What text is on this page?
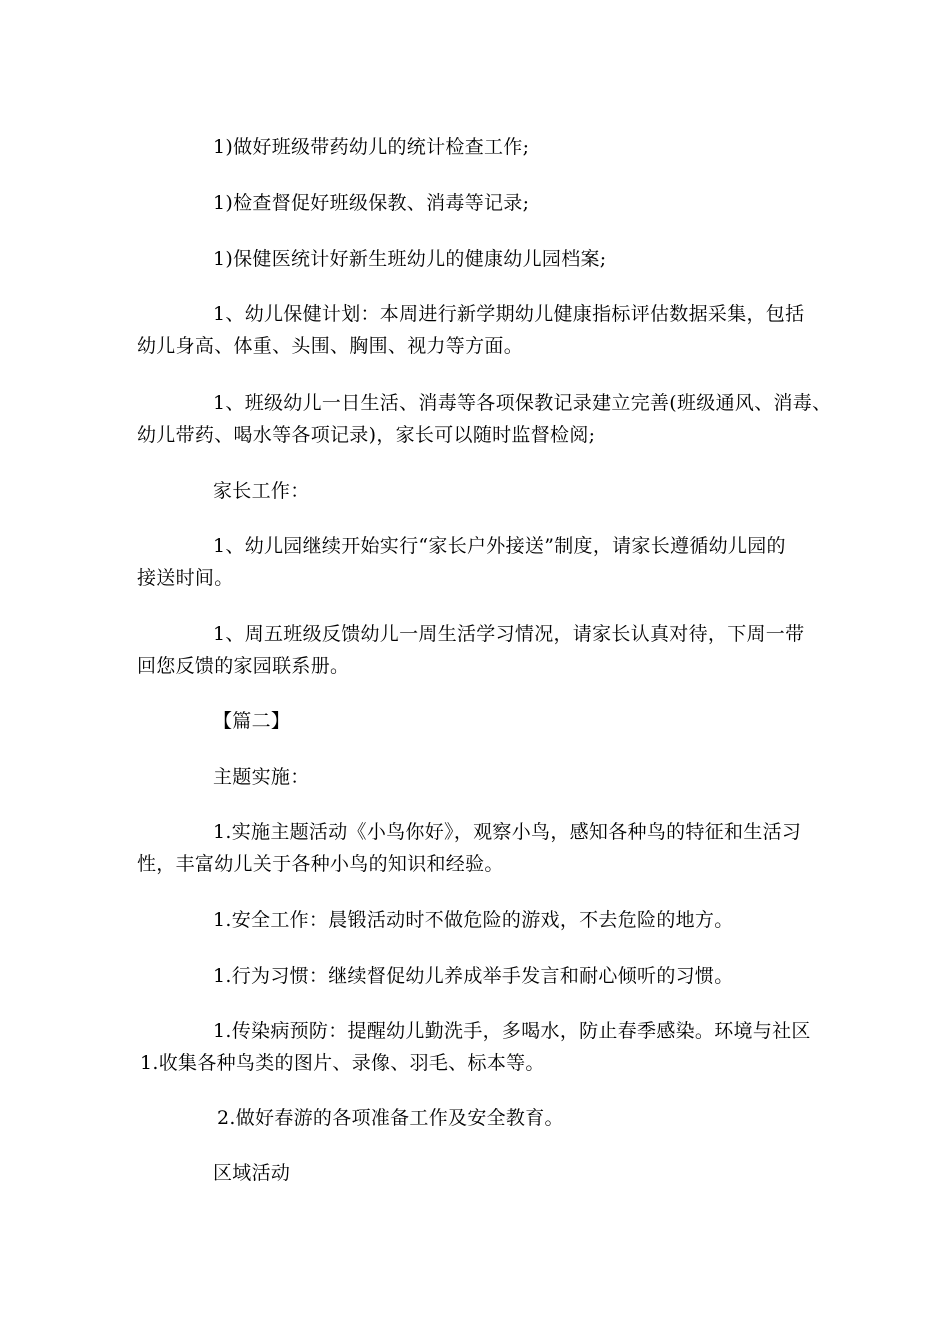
1)做好班级带药幼儿的统计检查工作;
1)检查督促好班级保教、消毒等记录;
1)保健医统计好新生班幼儿的健康幼儿园档案;
1、幼儿保健计划：本周进行新学期幼儿健康指标评估数据采集，包括
幼儿身高、体重、头围、胸围、视力等方面。
1、班级幼儿一日生活、消毒等各项保教记录建立完善(班级通风、消毒、
幼儿带药、喝水等各项记录)，家长可以随时监督检阅;
家长工作：
1、幼儿园继续开始实行“家长户外接送”制度，请家长遵循幼儿园的
接送时间。
1、周五班级反馈幼儿一周生活学习情况，请家长认真对待，下周一带
回您反馈的家园联系册。
【篇二】
主题实施：
1.实施主题活动《小鸟你好》，观察小鸟，感知各种鸟的特征和生活习
性，丰富幼儿关于各种小鸟的知识和经验。
1.安全工作：晨锻活动时不做危险的游戏，不去危险的地方。
1.行为习惯：继续督促幼儿养成举手发言和耐心倾听的习惯。
1.传染病预防：提醒幼儿勤洗手，多喝水，防止春季感染。环境与社区
1.收集各种鸟类的图片、录像、羽毛、标本等。
2.做好春游的各项准备工作及安全教育。
区域活动
